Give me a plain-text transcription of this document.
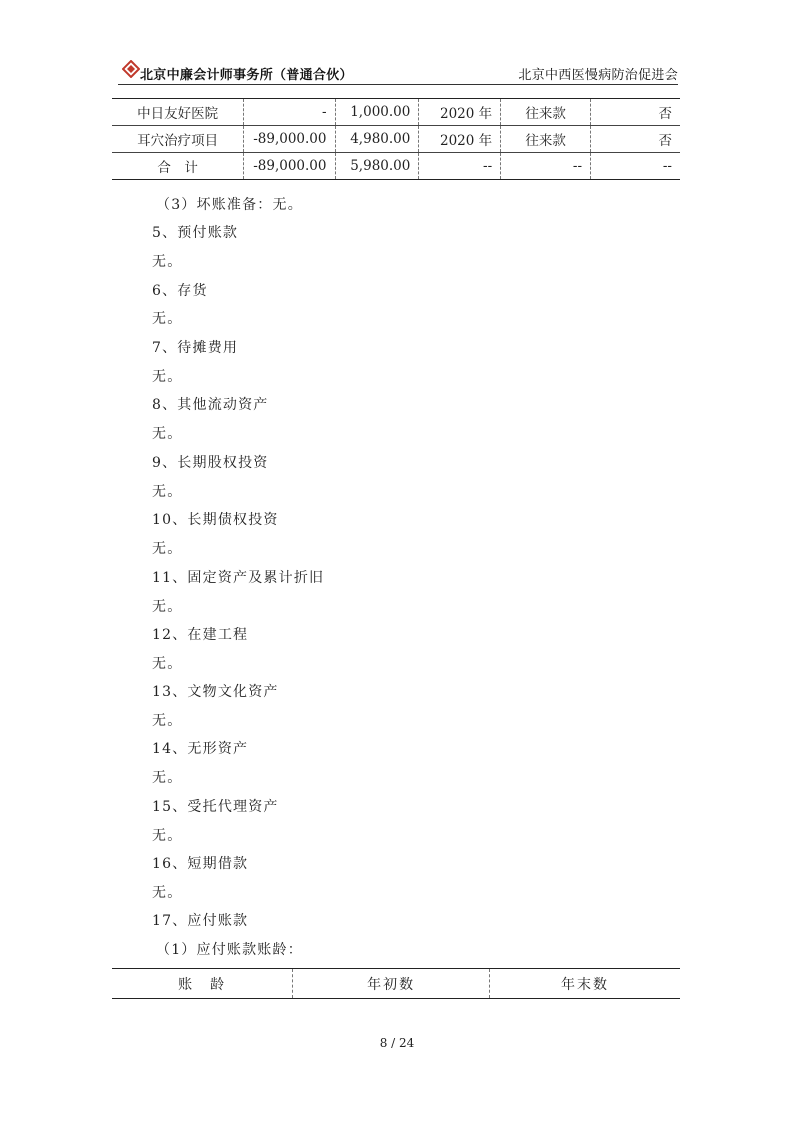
北京中廉会计师事务所（普通合伙）	北京中西医慢病防治促进会
中日友好医院	-	1,000.00	2020 年	往来款	否
耳穴治疗项目	-89,000.00	4,980.00	2020 年	往来款	否
合　计	-89,000.00	5,980.00	--	--	--
（3）坏账准备：无。
5、预付账款
无。
6、存货
无。
7、待摊费用
无。
8、其他流动资产
无。
9、长期股权投资
无。
10、长期债权投资
无。
11、固定资产及累计折旧
无。
12、在建工程
无。
13、文物文化资产
无。
14、无形资产
无。
15、受托代理资产
无。
16、短期借款
无。
17、应付账款
（1）应付账款账龄：
账　龄	年初数	年末数
8 / 24
